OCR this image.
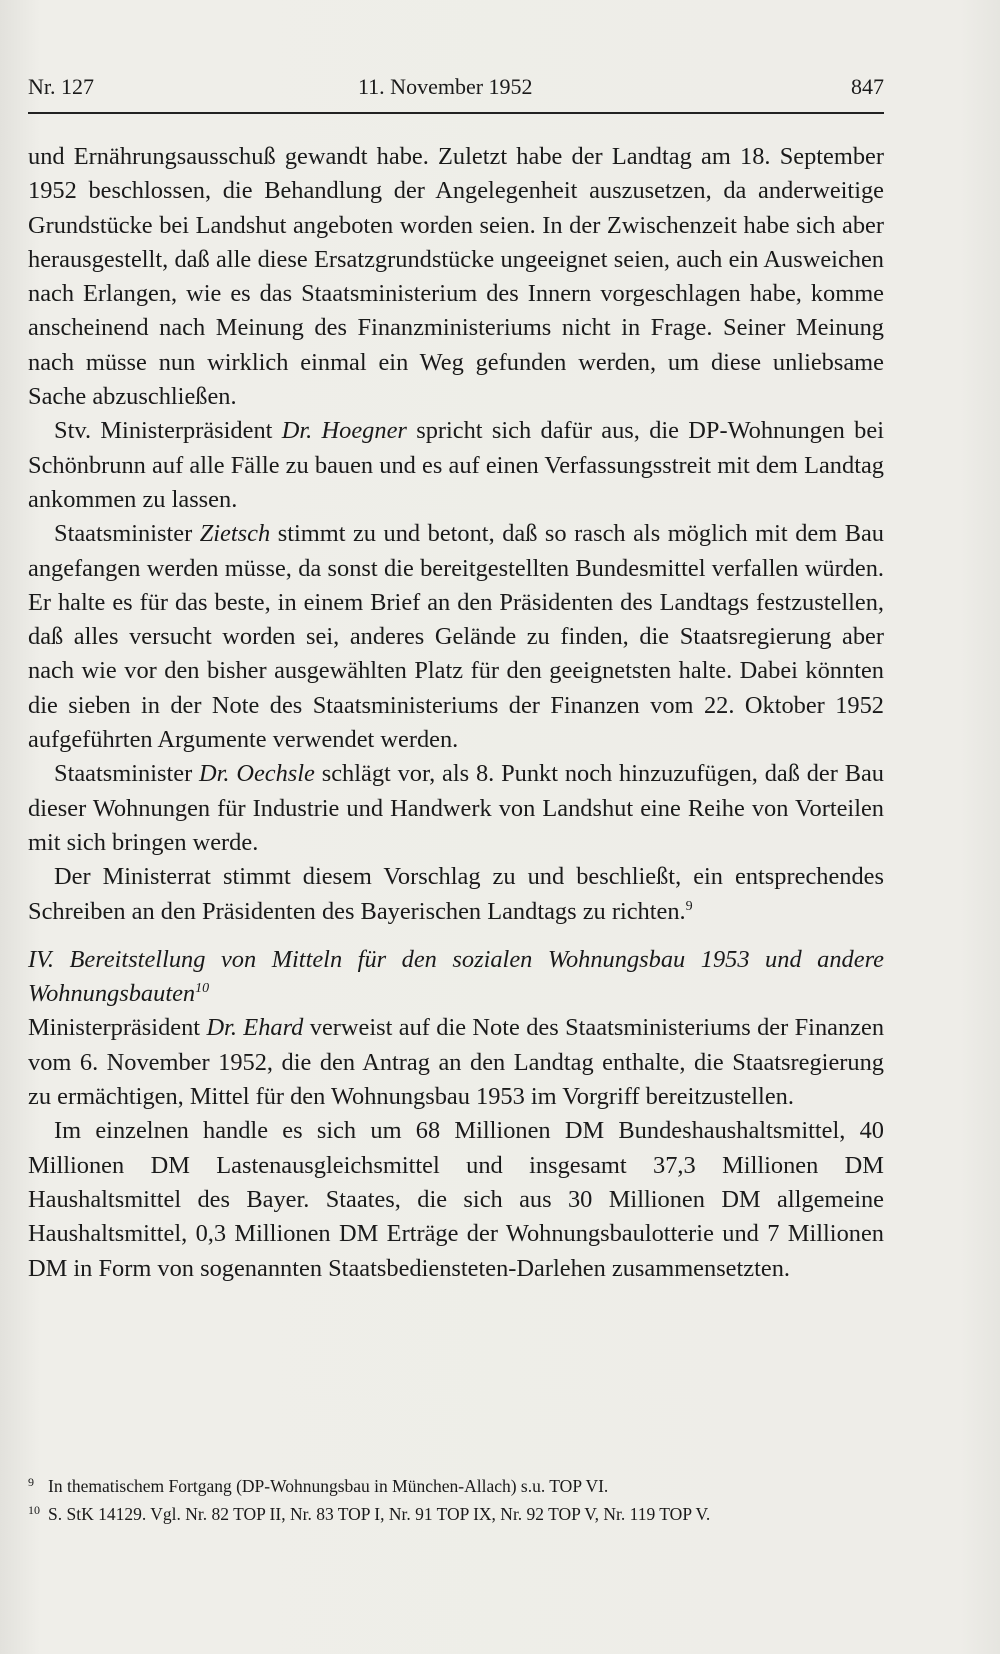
Nr. 127	11. November 1952	847

und Ernährungsausschuß gewandt habe. Zuletzt habe der Landtag am 18. September 1952 beschlossen, die Behandlung der Angelegenheit auszusetzen, da anderweitige Grundstücke bei Landshut angeboten worden seien. In der Zwischenzeit habe sich aber herausgestellt, daß alle diese Ersatzgrundstücke ungeeignet seien, auch ein Ausweichen nach Erlangen, wie es das Staatsministerium des Innern vorgeschlagen habe, komme anscheinend nach Meinung des Finanzministeriums nicht in Frage. Seiner Meinung nach müsse nun wirklich einmal ein Weg gefunden werden, um diese unliebsame Sache abzuschließen.

Stv. Ministerpräsident Dr. Hoegner spricht sich dafür aus, die DP-Wohnungen bei Schönbrunn auf alle Fälle zu bauen und es auf einen Verfassungsstreit mit dem Landtag ankommen zu lassen.

Staatsminister Zietsch stimmt zu und betont, daß so rasch als möglich mit dem Bau angefangen werden müsse, da sonst die bereitgestellten Bundesmittel verfallen würden. Er halte es für das beste, in einem Brief an den Präsidenten des Landtags festzustellen, daß alles versucht worden sei, anderes Gelände zu finden, die Staatsregierung aber nach wie vor den bisher ausgewählten Platz für den geeignetsten halte. Dabei könnten die sieben in der Note des Staatsministeriums der Finanzen vom 22. Oktober 1952 aufgeführten Argumente verwendet werden.

Staatsminister Dr. Oechsle schlägt vor, als 8. Punkt noch hinzuzufügen, daß der Bau dieser Wohnungen für Industrie und Handwerk von Landshut eine Reihe von Vorteilen mit sich bringen werde.

Der Ministerrat stimmt diesem Vorschlag zu und beschließt, ein entsprechendes Schreiben an den Präsidenten des Bayerischen Landtags zu richten.$^9$

IV. Bereitstellung von Mitteln für den sozialen Wohnungsbau 1953 und andere Wohnungsbauten$^{10}$

Ministerpräsident Dr. Ehard verweist auf die Note des Staatsministeriums der Finanzen vom 6. November 1952, die den Antrag an den Landtag enthalte, die Staatsregierung zu ermächtigen, Mittel für den Wohnungsbau 1953 im Vorgriff bereitzustellen.

Im einzelnen handle es sich um 68 Millionen DM Bundeshaushaltsmittel, 40 Millionen DM Lastenausgleichsmittel und insgesamt 37,3 Millionen DM Haushaltsmittel des Bayer. Staates, die sich aus 30 Millionen DM allgemeine Haushaltsmittel, 0,3 Millionen DM Erträge der Wohnungsbaulotterie und 7 Millionen DM in Form von sogenannten Staatsbediensteten-Darlehen zusammensetzten.

9 In thematischem Fortgang (DP-Wohnungsbau in München-Allach) s.u. TOP VI.
10 S. StK 14129. Vgl. Nr. 82 TOP II, Nr. 83 TOP I, Nr. 91 TOP IX, Nr. 92 TOP V, Nr. 119 TOP V.
